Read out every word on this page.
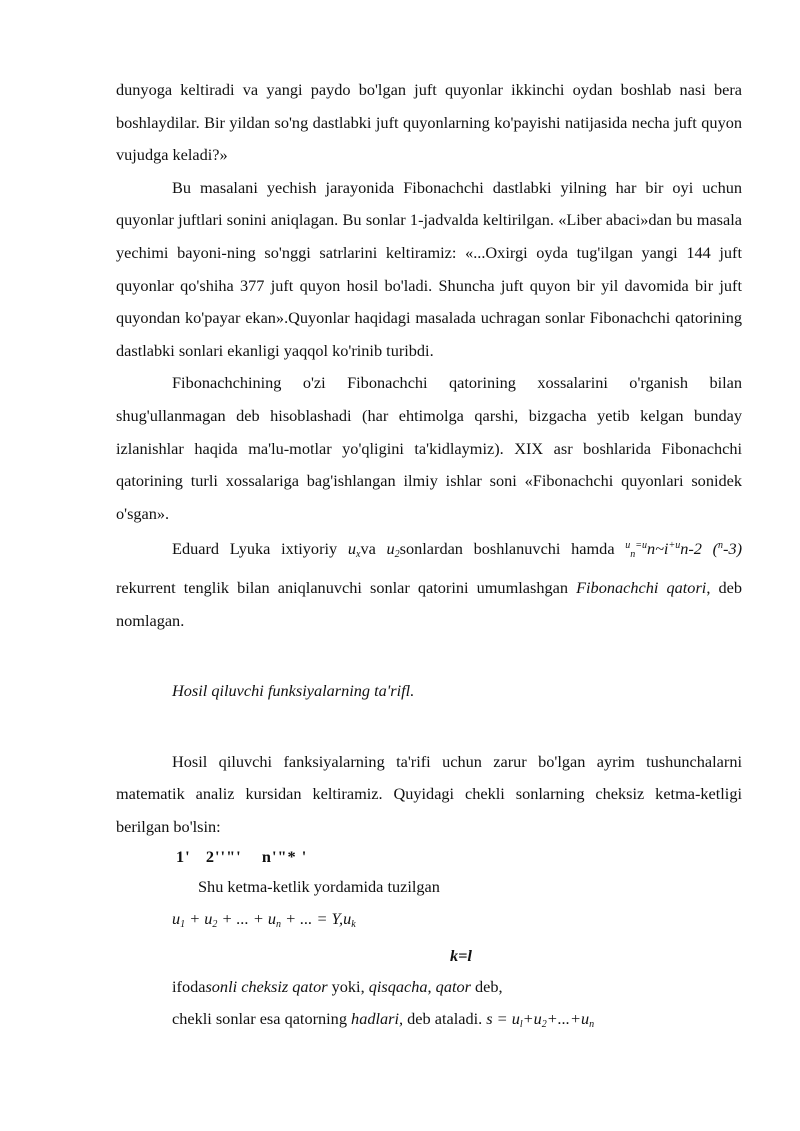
dunyoga keltiradi va yangi paydo bo'lgan juft quyonlar ikkinchi oydan boshlab nasi bera boshlaydilar. Bir yildan so'ng dastlabki juft quyonlarning ko'payishi natijasida necha juft quyon vujudga keladi?»

Bu masalani yechish jarayonida Fibonachchi dastlabki yilning har bir oyi uchun quyonlar juftlari sonini aniqlagan. Bu sonlar 1-jadvalda keltirilgan. «Liber abaci»dan bu masala yechimi bayoni-ning so'nggi satrlarini keltiramiz: «...Oxirgi oyda tug'ilgan yangi 144 juft quyonlar qo'shiha 377 juft quyon hosil bo'ladi. Shuncha juft quyon bir yil davomida bir juft quyondan ko'payar ekan».Quyonlar haqidagi masalada uchragan sonlar Fibonachchi qatorining dastlabki sonlari ekanligi yaqqol ko'rinib turibdi.

Fibonachchining o'zi Fibonachchi qatorining xossalarini o'rganish bilan shug'ullanmagan deb hisoblashadi (har ehtimolga qarshi, bizgacha yetib kelgan bunday izlanishlar haqida ma'lu-motlar yo'qligini ta'kidlaymiz). XIX asr boshlarida Fibonachchi qatorining turli xossalariga bag'ishlangan ilmiy ishlar soni «Fibonachchi quyonlari sonidek o'sgan».

Eduard Lyuka ixtiyoriy $u_xva$ $u_2sonlardan$ boshlanuvchi hamda $^u_n^{=u}n\sim i^{+u}n-2$ ($^n$-3) rekurrent tenglik bilan aniqlanuvchi sonlar qatorini umumlashgan Fibonachchi qatori, deb nomlagan.

Hosil qiluvchi funksiyalarning ta'rifl.

Hosil qiluvchi fanksiyalarning ta'rifi uchun zarur bo'lgan ayrim tushunchalarni matematik analiz kursidan keltiramiz. Quyidagi chekli sonlarning cheksiz ketma-ketligi berilgan bo'lsin:

1'   2''"'    n'"* '

Shu ketma-ketlik yordamida tuzilgan

$u_1 + u_2$ + ... + $u_n$ + ... = $Y,u_k$

k=l

ifodasonli cheksiz qator yoki, qisqacha, qator deb,

chekli sonlar esa qatorning hadlari, deb ataladi. $s = u_l+u_2+...+u_n$
